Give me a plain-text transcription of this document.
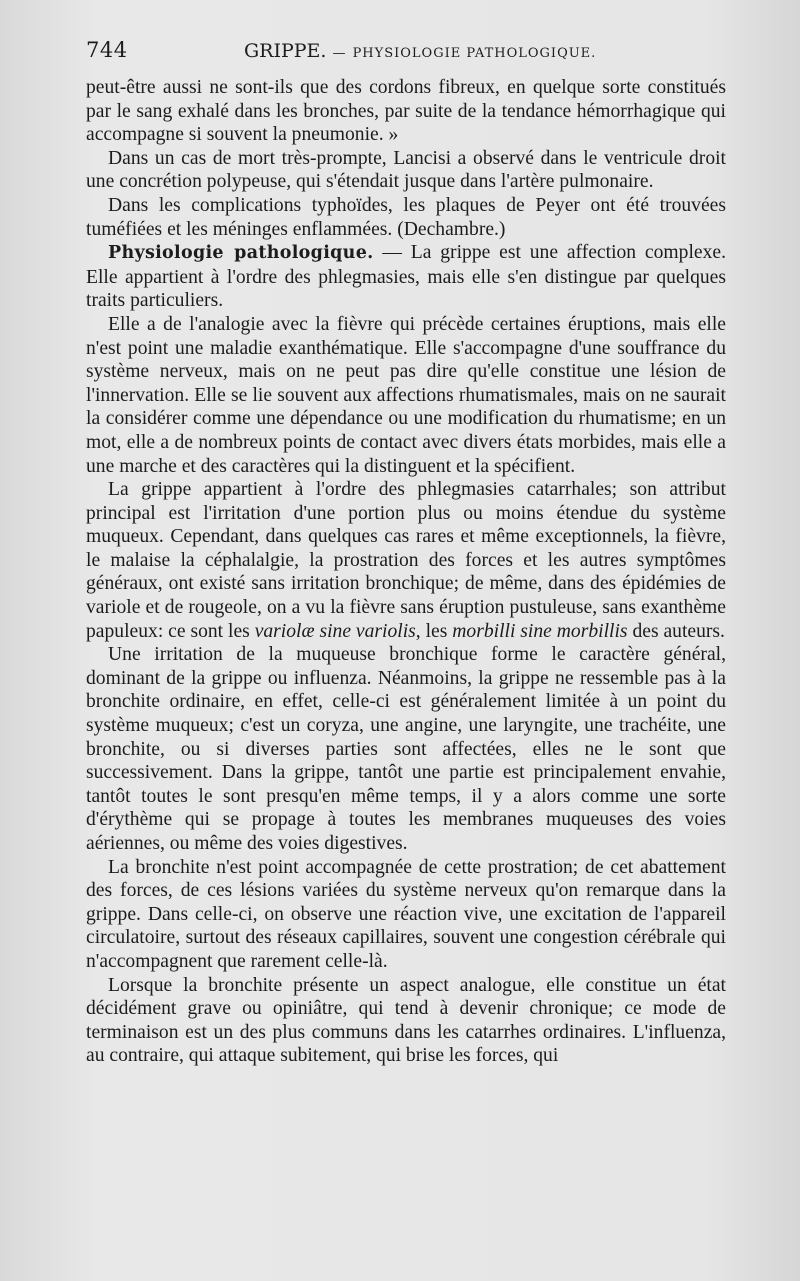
744	GRIPPE. — PHYSIOLOGIE PATHOLOGIQUE.

peut-être aussi ne sont-ils que des cordons fibreux, en quelque sorte constitués par le sang exhalé dans les bronches, par suite de la tendance hémorrhagique qui accompagne si souvent la pneumonie. »

Dans un cas de mort très-prompte, Lancisi a observé dans le ventricule droit une concrétion polypeuse, qui s'étendait jusque dans l'artère pulmonaire.

Dans les complications typhoïdes, les plaques de Peyer ont été trouvées tuméfiées et les méninges enflammées. (Dechambre.)

Physiologie pathologique. — La grippe est une affection complexe. Elle appartient à l'ordre des phlegmasies, mais elle s'en distingue par quelques traits particuliers.

Elle a de l'analogie avec la fièvre qui précède certaines éruptions, mais elle n'est point une maladie exanthématique. Elle s'accompagne d'une souffrance du système nerveux, mais on ne peut pas dire qu'elle constitue une lésion de l'innervation. Elle se lie souvent aux affections rhumatismales, mais on ne saurait la considérer comme une dépendance ou une modification du rhumatisme; en un mot, elle a de nombreux points de contact avec divers états morbides, mais elle a une marche et des caractères qui la distinguent et la spécifient.

La grippe appartient à l'ordre des phlegmasies catarrhales; son attribut principal est l'irritation d'une portion plus ou moins étendue du système muqueux. Cependant, dans quelques cas rares et même exceptionnels, la fièvre, le malaise la céphalalgie, la prostration des forces et les autres symptômes généraux, ont existé sans irritation bronchique; de même, dans des épidémies de variole et de rougeole, on a vu la fièvre sans éruption pustuleuse, sans exanthème papuleux: ce sont les variolæ sine variolis, les morbilli sine morbillis des auteurs.

Une irritation de la muqueuse bronchique forme le caractère général, dominant de la grippe ou influenza. Néanmoins, la grippe ne ressemble pas à la bronchite ordinaire, en effet, celle-ci est généralement limitée à un point du système muqueux; c'est un coryza, une angine, une laryngite, une trachéite, une bronchite, ou si diverses parties sont affectées, elles ne le sont que successivement. Dans la grippe, tantôt une partie est principalement envahie, tantôt toutes le sont presqu'en même temps, il y a alors comme une sorte d'érythème qui se propage à toutes les membranes muqueuses des voies aériennes, ou même des voies digestives.

La bronchite n'est point accompagnée de cette prostration; de cet abattement des forces, de ces lésions variées du système nerveux qu'on remarque dans la grippe. Dans celle-ci, on observe une réaction vive, une excitation de l'appareil circulatoire, surtout des réseaux capillaires, souvent une congestion cérébrale qui n'accompagnent que rarement celle-là.

Lorsque la bronchite présente un aspect analogue, elle constitue un état décidément grave ou opiniâtre, qui tend à devenir chronique; ce mode de terminaison est un des plus communs dans les catarrhes ordinaires. L'influenza, au contraire, qui attaque subitement, qui brise les forces, qui
